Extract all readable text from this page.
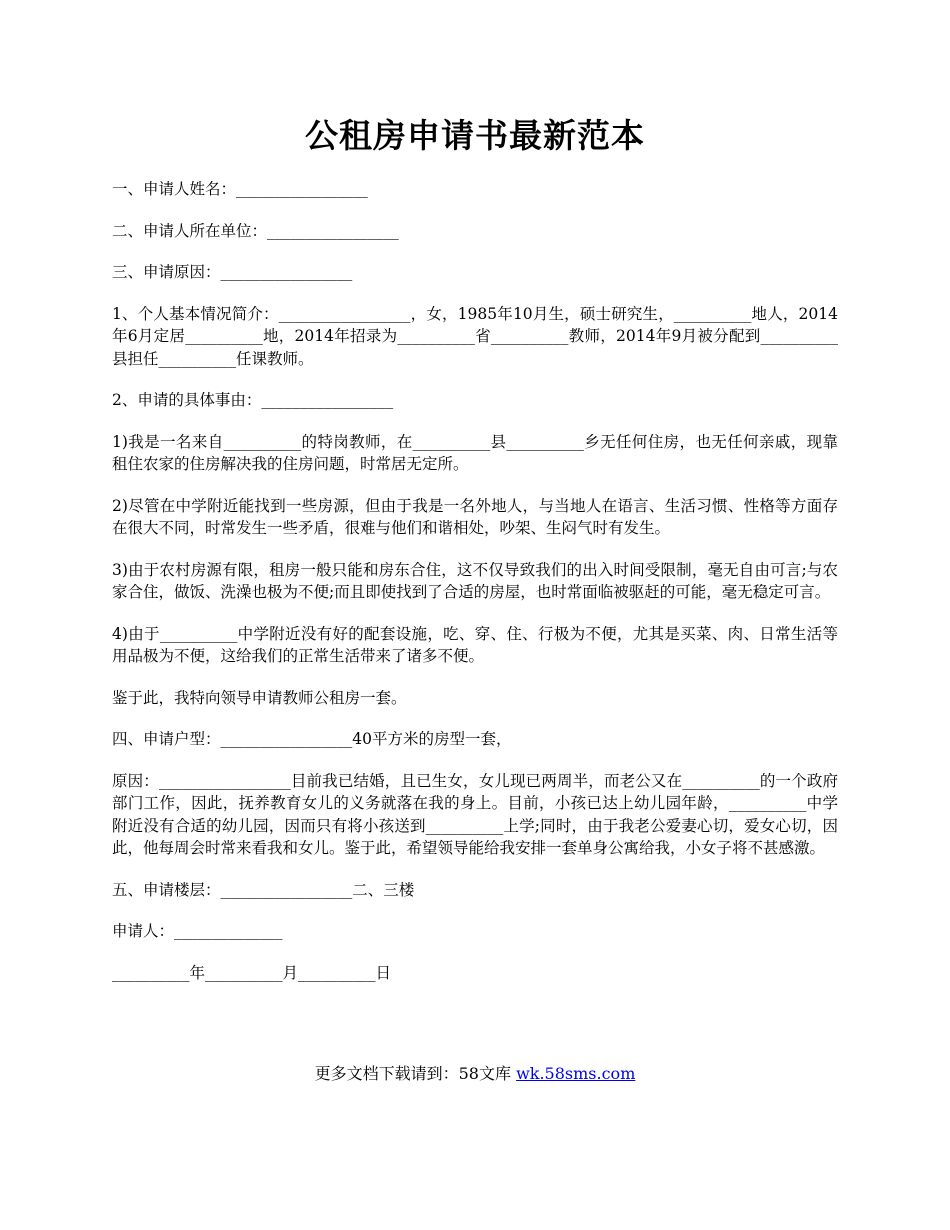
公租房申请书最新范本

一、申请人姓名：_________________

二、申请人所在单位：_________________

三、申请原因：_________________

1、个人基本情况简介：_________________，女，1985年10月生，硕士研究生，__________地人，2014年6月定居__________地，2014年招录为__________省__________教师，2014年9月被分配到__________县担任__________任课教师。

2、申请的具体事由：_________________

1)我是一名来自__________的特岗教师，在__________县__________乡无任何住房，也无任何亲戚，现靠租住农家的住房解决我的住房问题，时常居无定所。

2)尽管在中学附近能找到一些房源，但由于我是一名外地人，与当地人在语言、生活习惯、性格等方面存在很大不同，时常发生一些矛盾，很难与他们和谐相处，吵架、生闷气时有发生。

3)由于农村房源有限，租房一般只能和房东合住，这不仅导致我们的出入时间受限制，毫无自由可言;与农家合住，做饭、洗澡也极为不便;而且即使找到了合适的房屋，也时常面临被驱赶的可能，毫无稳定可言。

4)由于__________中学附近没有好的配套设施，吃、穿、住、行极为不便，尤其是买菜、肉、日常生活等用品极为不便，这给我们的正常生活带来了诸多不便。

鉴于此，我特向领导申请教师公租房一套。

四、申请户型：_________________40平方米的房型一套，

原因：_________________目前我已结婚，且已生女，女儿现已两周半，而老公又在__________的一个政府部门工作，因此，抚养教育女儿的义务就落在我的身上。目前，小孩已达上幼儿园年龄，__________中学附近没有合适的幼儿园，因而只有将小孩送到__________上学;同时，由于我老公爱妻心切，爱女心切，因此，他每周会时常来看我和女儿。鉴于此，希望领导能给我安排一套单身公寓给我，小女子将不甚感激。

五、申请楼层：_________________二、三楼

申请人：______________

__________年__________月__________日

更多文档下载请到：58文库 wk.58sms.com
